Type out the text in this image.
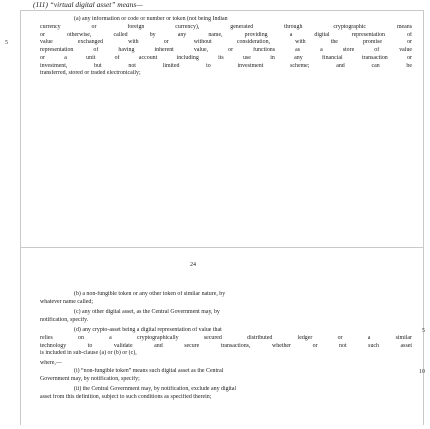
(111) “virtual digital asset” means—
5
(a) any information or code or number or token (not being Indian
currency or foreign currency), generated through cryptographic means
or otherwise, called by any name, providing a digital representation of
value exchanged with or without consideration, with the promise or
representation of having inherent value, or functions as a store of value
or a unit of account including its use in any financial transaction or
investment, but not limited to investment scheme; and can be
transferred, stored or traded electronically;
24
(b) a non-fungible token or any other token of similar nature, by
whatever name called;
(c) any other digital asset, as the Central Government may, by
notification, specify.
(d) any crypto-asset being a digital representation of value that
relies on a cryptographically secured distributed ledger or a similar
technology to validate and secure transactions, whether or not such asset
is included in sub-clause (a) or (b) or (c),
5
where,—
(i) “non-fungible token” means such digital asset as the Central
Government may, by notification, specify;
10
(ii) the Central Government may, by notification, exclude any digital
asset from this definition, subject to such conditions as specified therein;
